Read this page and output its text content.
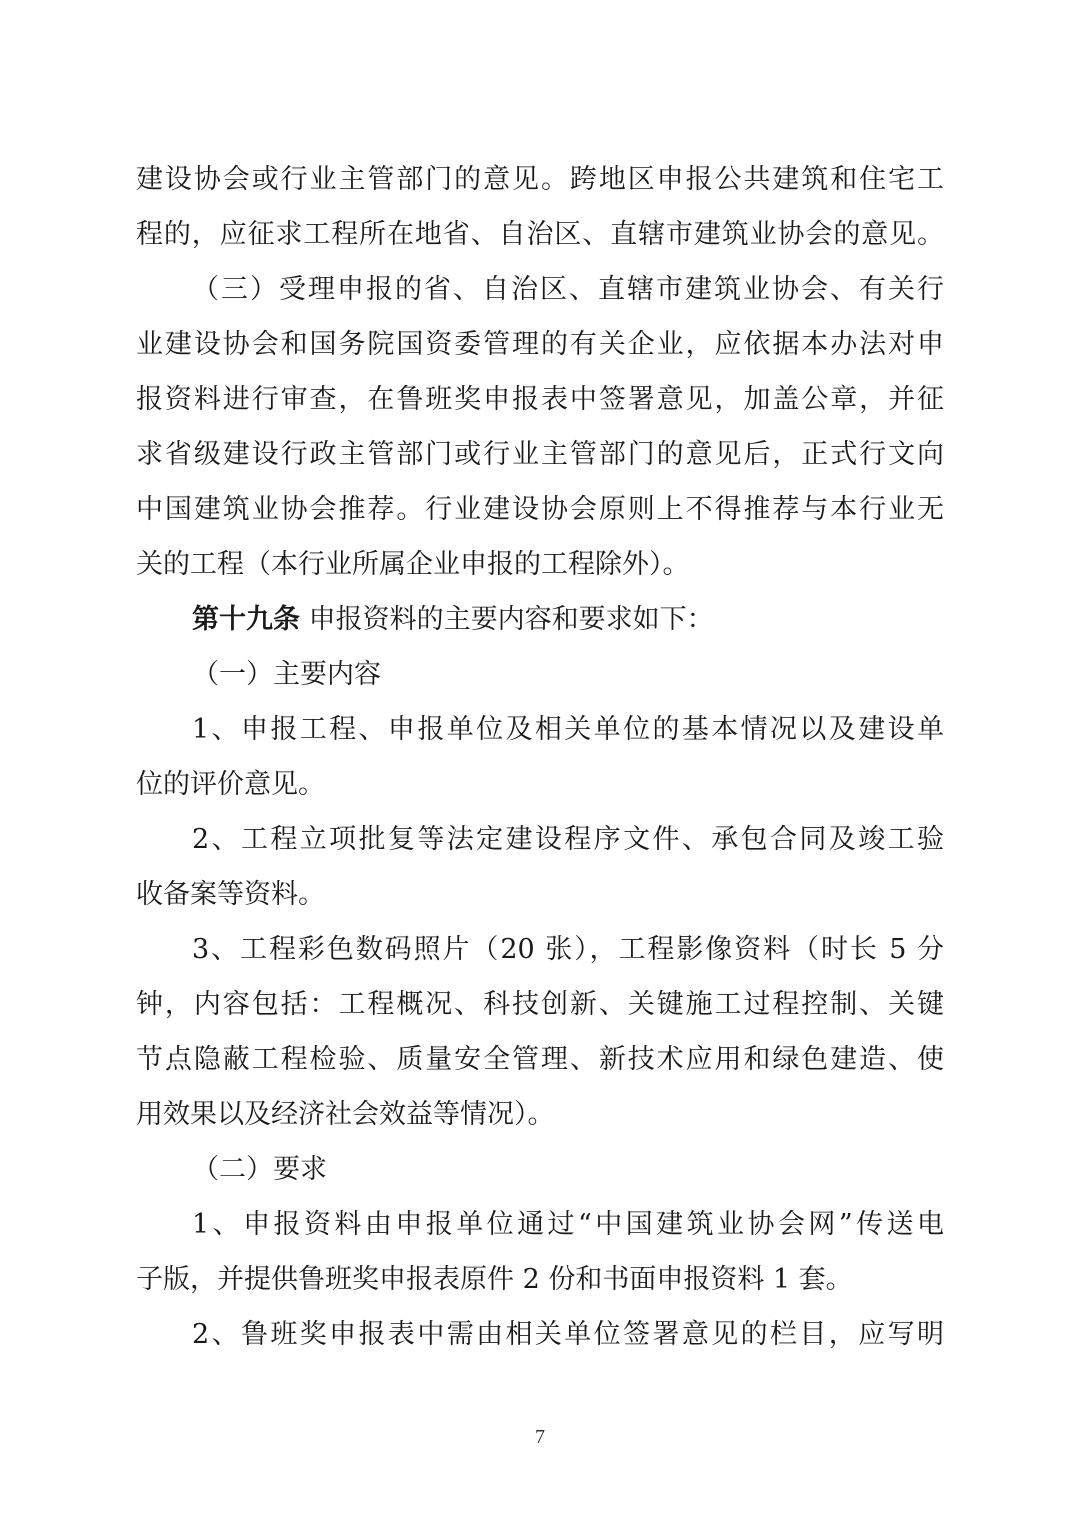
建设协会或行业主管部门的意见。跨地区申报公共建筑和住宅工
程的，应征求工程所在地省、自治区、直辖市建筑业协会的意见。
（三）受理申报的省、自治区、直辖市建筑业协会、有关行
业建设协会和国务院国资委管理的有关企业，应依据本办法对申
报资料进行审查，在鲁班奖申报表中签署意见，加盖公章，并征
求省级建设行政主管部门或行业主管部门的意见后，正式行文向
中国建筑业协会推荐。行业建设协会原则上不得推荐与本行业无
关的工程（本行业所属企业申报的工程除外）。
第十九条 申报资料的主要内容和要求如下：
（一）主要内容
1、申报工程、申报单位及相关单位的基本情况以及建设单
位的评价意见。
2、工程立项批复等法定建设程序文件、承包合同及竣工验
收备案等资料。
3、工程彩色数码照片（20 张），工程影像资料（时长 5 分
钟，内容包括：工程概况、科技创新、关键施工过程控制、关键
节点隐蔽工程检验、质量安全管理、新技术应用和绿色建造、使
用效果以及经济社会效益等情况）。
（二）要求
1、申报资料由申报单位通过“中国建筑业协会网”传送电
子版，并提供鲁班奖申报表原件 2 份和书面申报资料 1 套。
2、鲁班奖申报表中需由相关单位签署意见的栏目，应写明
7
